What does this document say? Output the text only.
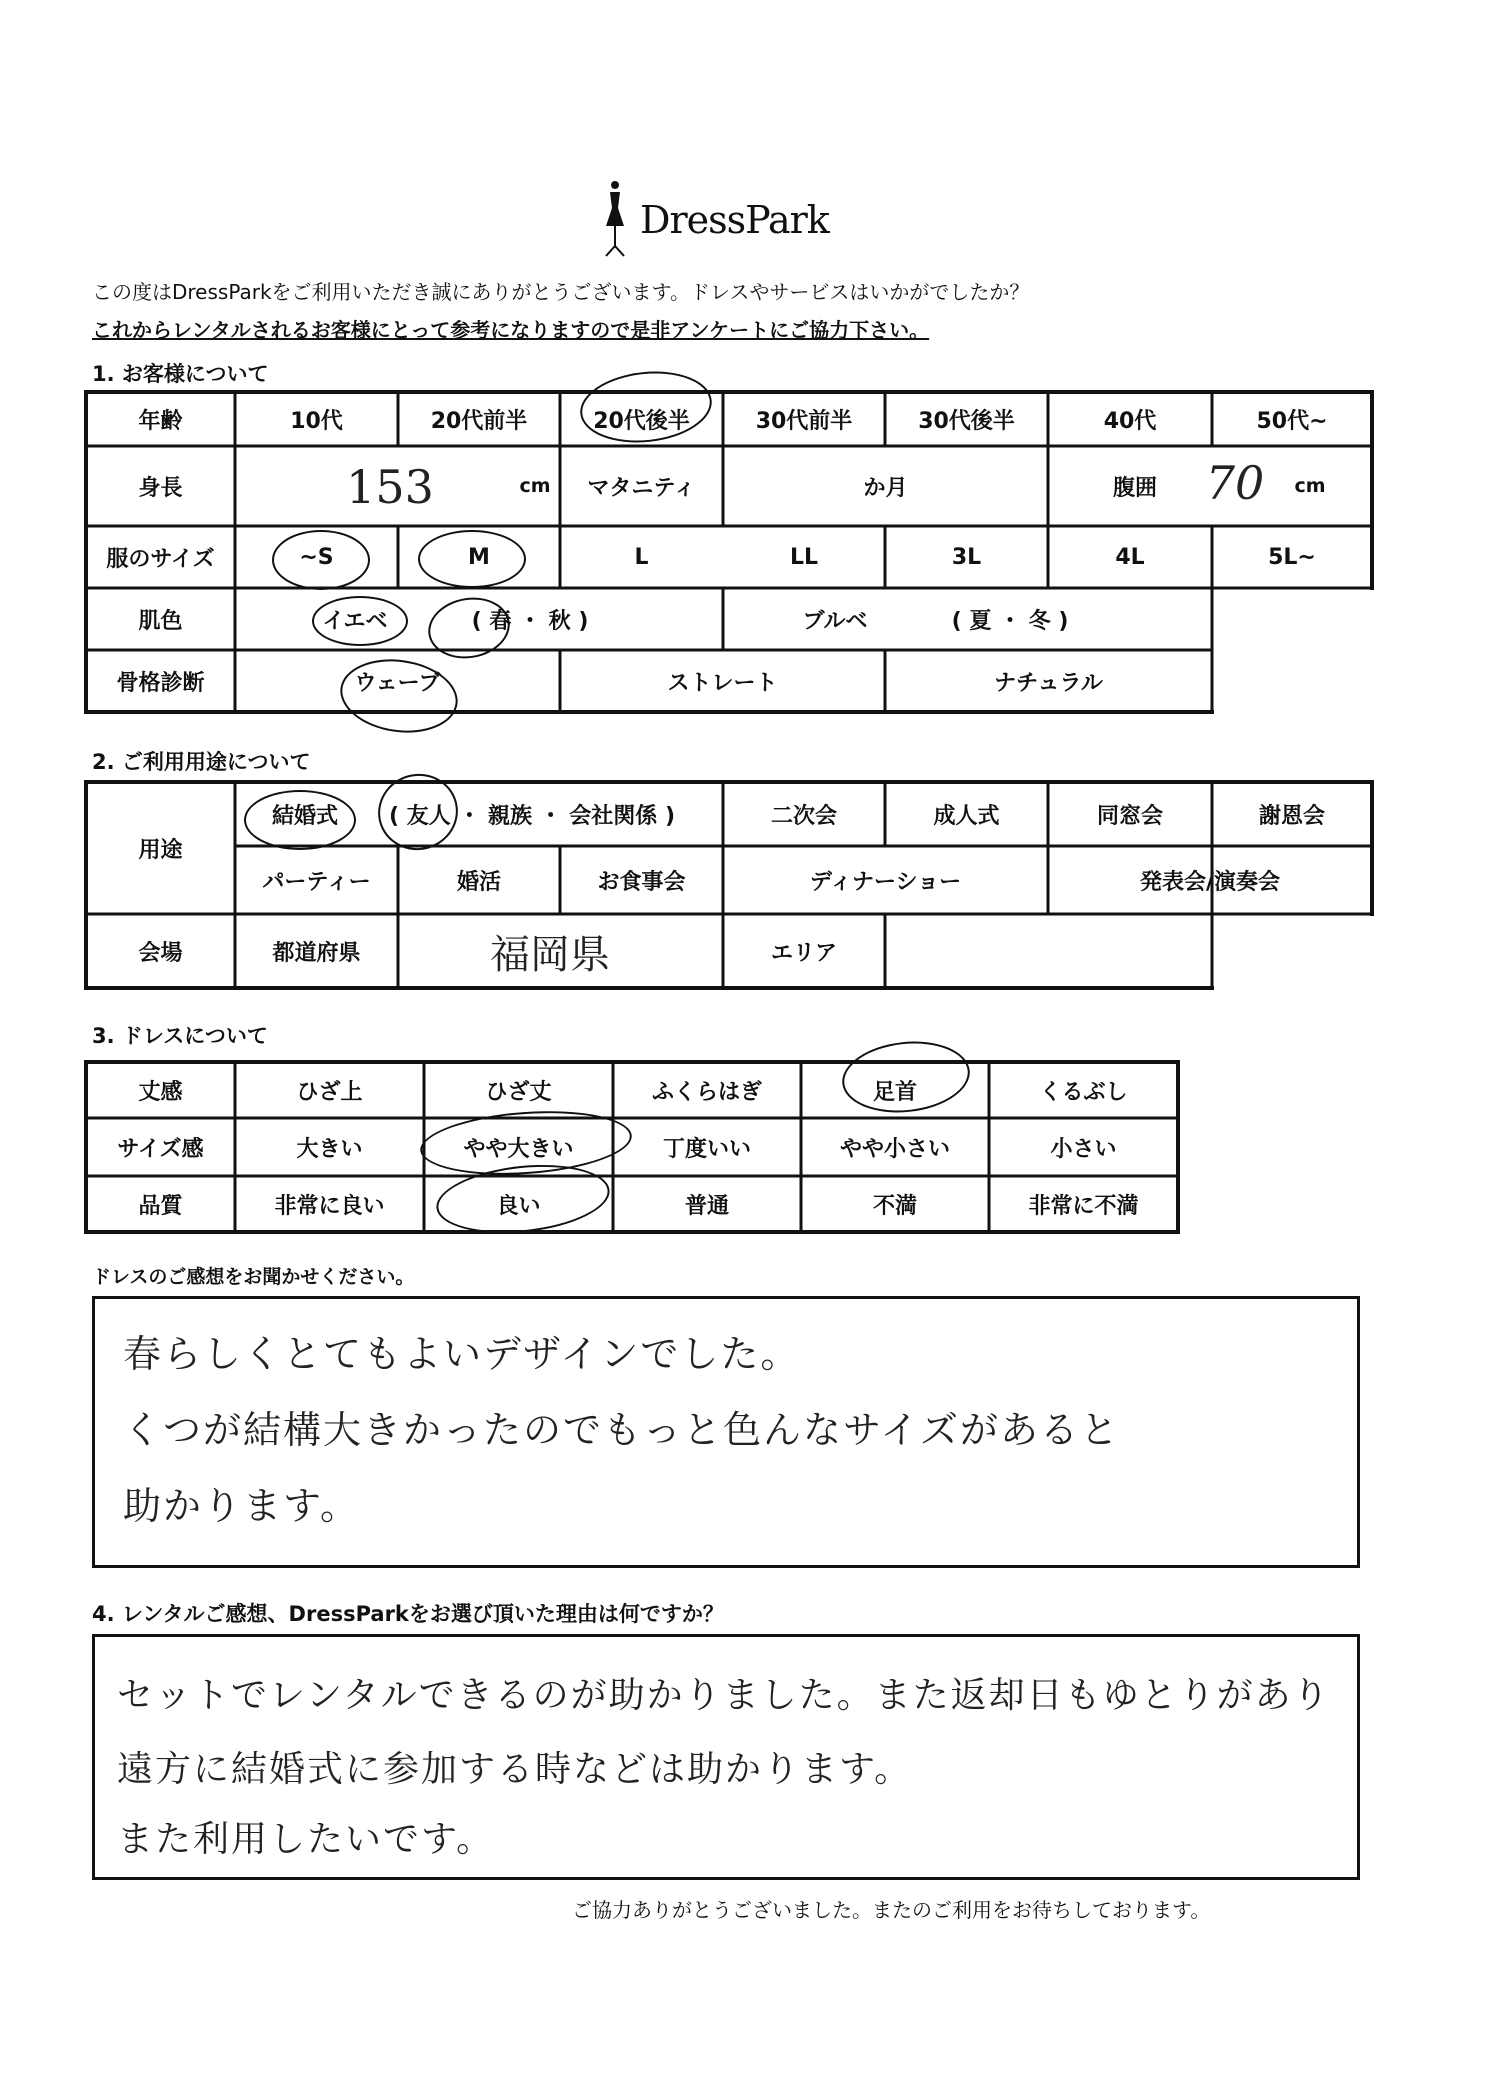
DressPark
この度はDressParkをご利用いただき誠にありがとうございます。ドレスやサービスはいかがでしたか？
これからレンタルされるお客様にとって参考になりますので是非アンケートにご協力下さい。
1. お客様について
年齢	10代	20代前半	20代後半	30代前半	30代後半	40代	50代~
身長	153	cm	マタニティ	か月	腹囲	70	cm
服のサイズ	~S	M	L	LL	3L	4L	5L~
肌色	イエベ	( 春 ・ 秋 )	ブルベ	( 夏 ・ 冬 )
骨格診断	ウェーブ	ストレート	ナチュラル
2. ご利用用途について
用途
結婚式	( 友人 ・ 親族 ・ 会社関係 )	二次会	成人式	同窓会	謝恩会
パーティー	婚活	お食事会	ディナーショー	発表会/演奏会
会場	都道府県	福岡県	エリア
3. ドレスについて
丈感	ひざ上	ひざ丈	ふくらはぎ	足首	くるぶし
サイズ感	大きい	やや大きい	丁度いい	やや小さい	小さい
品質	非常に良い	良い	普通	不満	非常に不満
ドレスのご感想をお聞かせください。
春らしくとてもよいデザインでした。
くつが結構大きかったのでもっと色んなサイズがあると
助かります。
4. レンタルご感想、DressParkをお選び頂いた理由は何ですか？
セットでレンタルできるのが助かりました。また返却日もゆとりがあり
遠方に結婚式に参加する時などは助かります。
また利用したいです。
ご協力ありがとうございました。またのご利用をお待ちしております。
